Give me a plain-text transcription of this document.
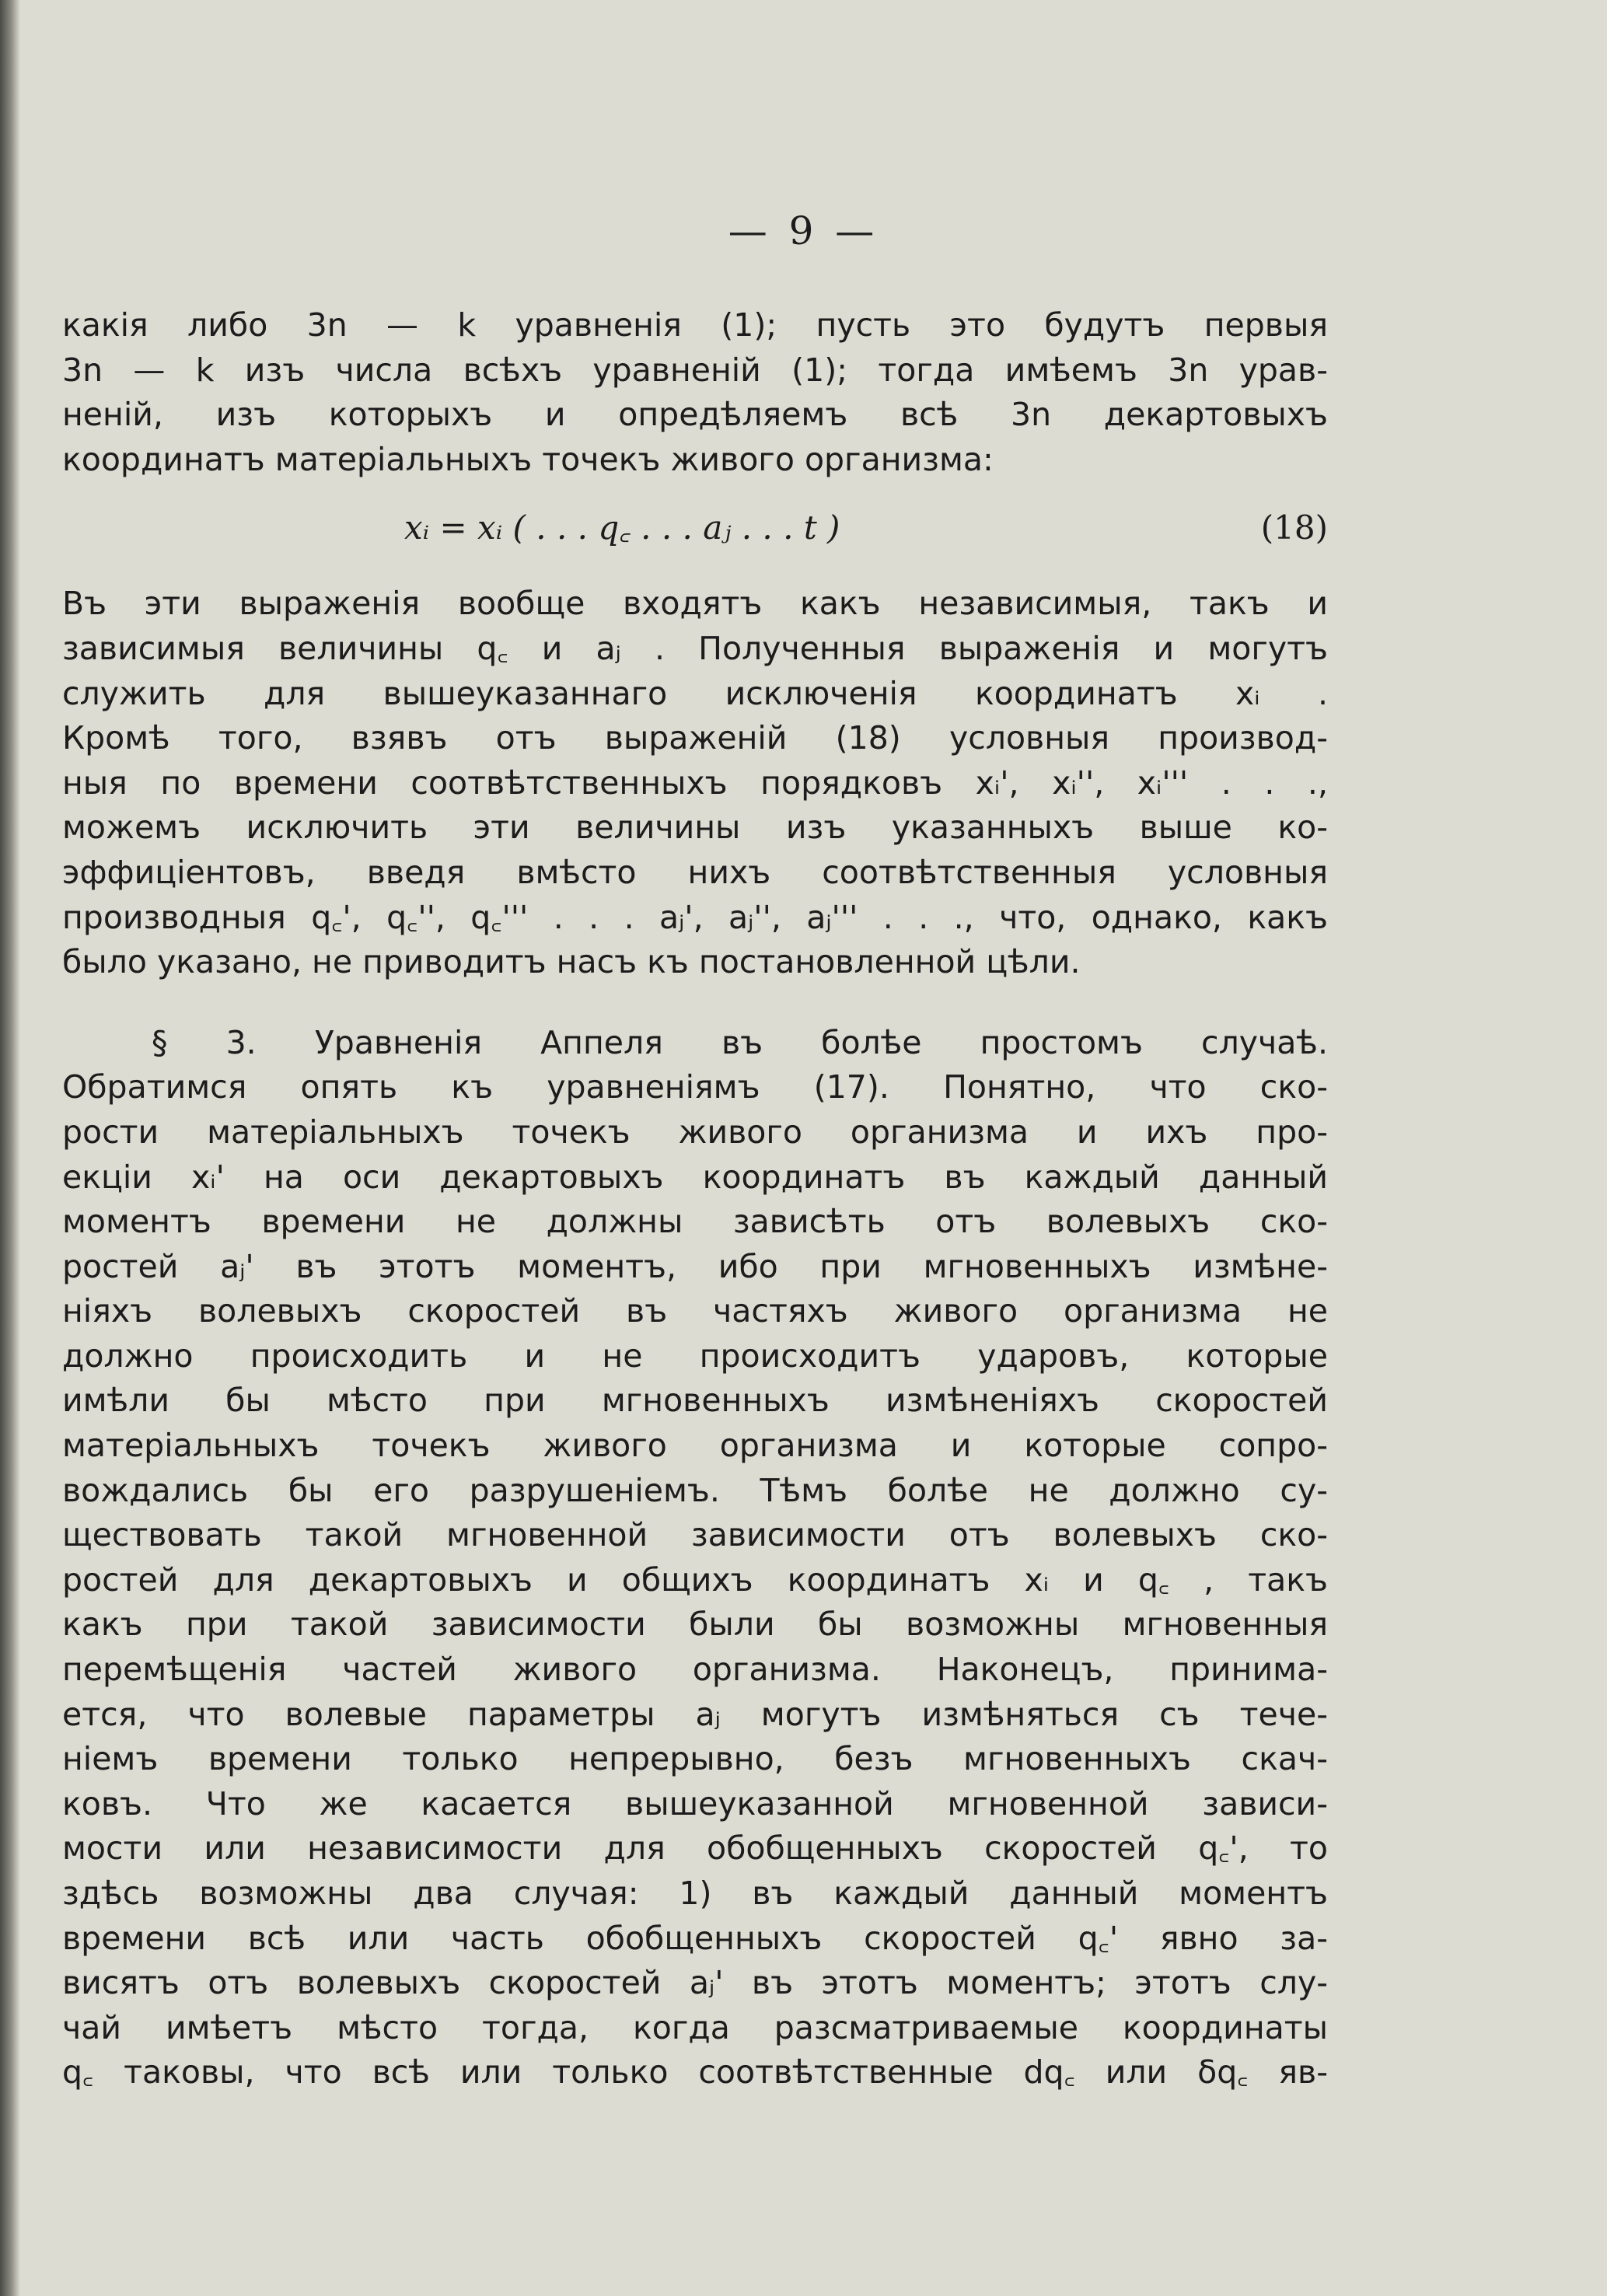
— 9 —
какія либо 3n — k уравненія (1); пусть это будутъ первыя
3n — k изъ числа всѣхъ уравненій (1); тогда имѣемъ 3n урав-
неній, изъ которыхъ и опредѣляемъ всѣ 3n декартовыхъ
координатъ матеріальныхъ точекъ живого организма:
xᵢ = xᵢ ( . . . q꜀ . . . aⱼ . . . t )	(18)
Въ эти выраженія вообще входятъ какъ независимыя, такъ и
зависимыя величины q꜀ и aⱼ . Полученныя выраженія и могутъ
служить для вышеуказаннаго исключенія координатъ xᵢ .
Кромѣ того, взявъ отъ выраженій (18) условныя производ-
ныя по времени соотвѣтственныхъ порядковъ xᵢ', xᵢ'', xᵢ''' . . .,
можемъ исключить эти величины изъ указанныхъ выше ко-
эффиціентовъ, введя вмѣсто нихъ соотвѣтственныя условныя
производныя q꜀', q꜀'', q꜀''' . . . aⱼ', aⱼ'', aⱼ''' . . ., что, однако, какъ
было указано, не приводитъ насъ къ постановленной цѣли.
§ 3. Уравненія Аппеля въ болѣе простомъ случаѣ.
Обратимся опять къ уравненіямъ (17). Понятно, что ско-
рости матеріальныхъ точекъ живого организма и ихъ про-
екціи xᵢ' на оси декартовыхъ координатъ въ каждый данный
моментъ времени не должны зависѣть отъ волевыхъ ско-
ростей aⱼ' въ этотъ моментъ, ибо при мгновенныхъ измѣне-
ніяхъ волевыхъ скоростей въ частяхъ живого организма не
должно происходить и не происходитъ ударовъ, которые
имѣли бы мѣсто при мгновенныхъ измѣненіяхъ скоростей
матеріальныхъ точекъ живого организма и которые сопро-
вождались бы его разрушеніемъ. Тѣмъ болѣе не должно су-
ществовать такой мгновенной зависимости отъ волевыхъ ско-
ростей для декартовыхъ и общихъ координатъ xᵢ и q꜀ , такъ
какъ при такой зависимости были бы возможны мгновенныя
перемѣщенія частей живого организма. Наконецъ, принима-
ется, что волевые параметры aⱼ могутъ измѣняться съ тече-
ніемъ времени только непрерывно, безъ мгновенныхъ скач-
ковъ. Что же касается вышеуказанной мгновенной зависи-
мости или независимости для обобщенныхъ скоростей q꜀', то
здѣсь возможны два случая: 1) въ каждый данный моментъ
времени всѣ или часть обобщенныхъ скоростей q꜀' явно за-
висятъ отъ волевыхъ скоростей aⱼ' въ этотъ моментъ; этотъ слу-
чай имѣетъ мѣсто тогда, когда разсматриваемые координаты
q꜀ таковы, что всѣ или только соотвѣтственные dq꜀ или δq꜀ яв-
